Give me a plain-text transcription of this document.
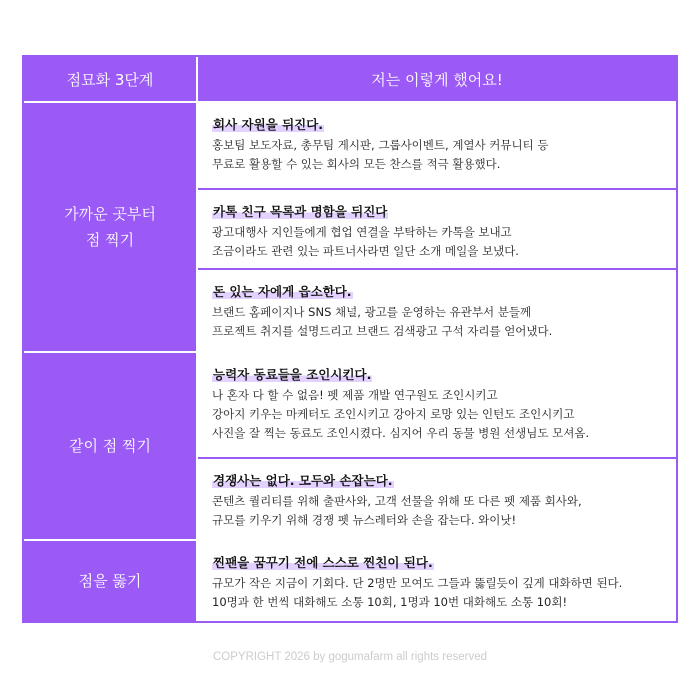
점묘화 3단계	저는 이렇게 했어요!
가까운 곳부터
점 찍기
회사 자원을 뒤진다.
홍보팀 보도자료, 총무팀 게시판, 그룹사이벤트, 계열사 커뮤니티 등
무료로 활용할 수 있는 회사의 모든 찬스를 적극 활용했다.
카톡 친구 목록과 명함을 뒤진다
광고대행사 지인들에게 협업 연결을 부탁하는 카톡을 보내고
조금이라도 관련 있는 파트너사라면 일단 소개 메일을 보냈다.
돈 있는 자에게 읍소한다.
브랜드 홈페이지나 SNS 채널, 광고를 운영하는 유관부서 분들께
프로젝트 취지를 설명드리고 브랜드 검색광고 구석 자리를 얻어냈다.
같이 점 찍기
능력자 동료들을 조인시킨다.
나 혼자 다 할 수 없음! 펫 제품 개발 연구원도 조인시키고
강아지 키우는 마케터도 조인시키고 강아지 로망 있는 인턴도 조인시키고
사진을 잘 찍는 동료도 조인시켰다. 심지어 우리 동물 병원 선생님도 모셔옴.
경쟁사는 없다. 모두와 손잡는다.
콘텐츠 퀄리티를 위해 출판사와, 고객 선물을 위해 또 다른 펫 제품 회사와,
규모를 키우기 위해 경쟁 펫 뉴스레터와 손을 잡는다. 와이낫!
점을 뚫기
찐팬을 꿈꾸기 전에 스스로 찐친이 된다.
규모가 작은 지금이 기회다. 단 2명만 모여도 그들과 뚫릴듯이 깊게 대화하면 된다.
10명과 한 번씩 대화해도 소통 10회, 1명과 10번 대화해도 소통 10회!
COPYRIGHT 2026 by gogumafarm all rights reserved
